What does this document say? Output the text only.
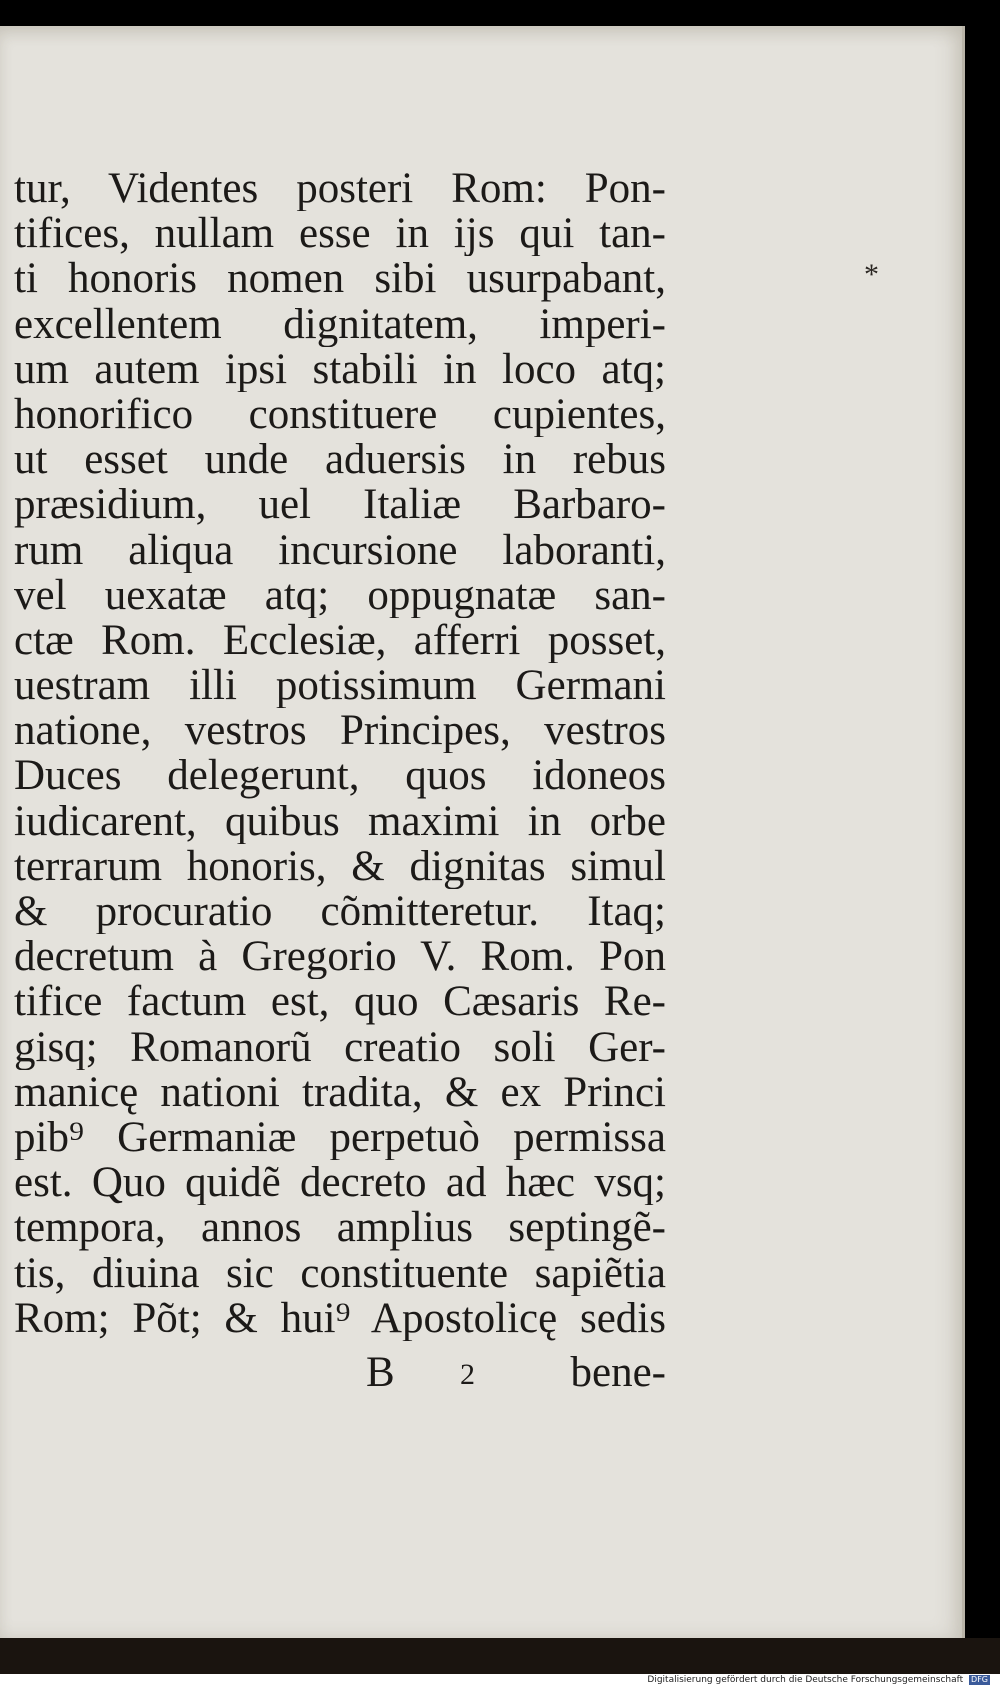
*
tur, Videntes posteri Rom: Pon-
tifices, nullam esse in ijs qui tan-
ti honoris nomen sibi usurpabant,
excellentem dignitatem, imperi-
um autem ipsi stabili in loco atq;
honorifico constituere cupientes,
ut esset unde aduersis in rebus
præsidium, uel Italiæ Barbaro-
rum aliqua incursione laboranti,
vel uexatæ atq; oppugnatæ san-
ctæ Rom. Ecclesiæ, afferri posset,
uestram illi potissimum Germani
natione, vestros Principes, vestros
Duces delegerunt, quos idoneos
iudicarent, quibus maximi in orbe
terrarum honoris, & dignitas simul
& procuratio cõmitteretur. Itaq;
decretum à Gregorio V. Rom. Pon
tifice factum est, quo Cæsaris Re-
gisq; Romanorũ creatio soli Ger-
manicę nationi tradita, & ex Princi
pib⁹ Germaniæ perpetuò permissa
est. Quo quidẽ decreto ad hæc vsq;
tempora, annos amplius septingẽ-
tis, diuina sic constituente sapiẽtia
Rom; Põt; & hui⁹ Apostolicę sedis
B 2 bene-
Digitalisierung gefördert durch die Deutsche Forschungsgemeinschaft DFG
